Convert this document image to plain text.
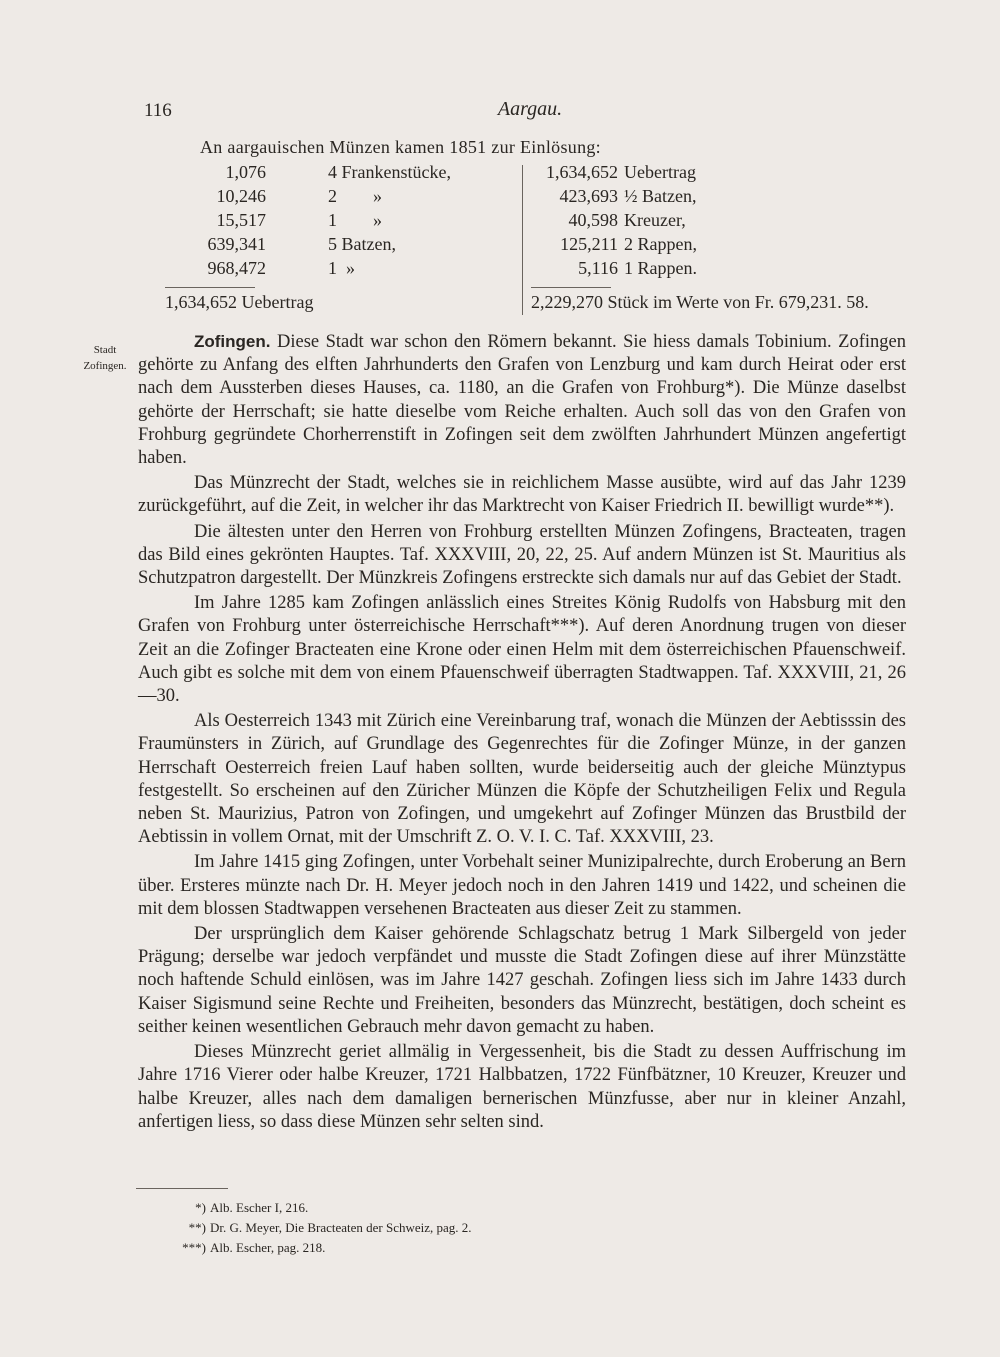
116	Aargau.
An aargauischen Münzen kamen 1851 zur Einlösung:
1,076	4 Frankenstücke,
10,246	2        »
15,517	1        »
639,341	5 Batzen,
968,472	1  »
1,634,652 Uebertrag
1,634,652 Uebertrag
423,693 ½ Batzen,
40,598 Kreuzer,
125,211 2 Rappen,
5,116 1 Rappen.
2,229,270 Stück im Werte von Fr. 679,231. 58.
Stadt
Zofingen.

Zofingen. Diese Stadt war schon den Römern bekannt. Sie hiess damals Tobinium. Zofingen gehörte zu Anfang des elften Jahrhunderts den Grafen von Lenzburg und kam durch Heirat oder erst nach dem Aussterben dieses Hauses, ca. 1180, an die Grafen von Frohburg*). Die Münze daselbst gehörte der Herrschaft; sie hatte dieselbe vom Reiche erhalten. Auch soll das von den Grafen von Frohburg gegründete Chorherrenstift in Zofingen seit dem zwölften Jahrhundert Münzen angefertigt haben.

Das Münzrecht der Stadt, welches sie in reichlichem Masse ausübte, wird auf das Jahr 1239 zurückgeführt, auf die Zeit, in welcher ihr das Marktrecht von Kaiser Friedrich II. bewilligt wurde**).

Die ältesten unter den Herren von Frohburg erstellten Münzen Zofingens, Bracteaten, tragen das Bild eines gekrönten Hauptes. Taf. XXXVIII, 20, 22, 25. Auf andern Münzen ist St. Mauritius als Schutzpatron dargestellt. Der Münzkreis Zofingens erstreckte sich damals nur auf das Gebiet der Stadt.

Im Jahre 1285 kam Zofingen anlässlich eines Streites König Rudolfs von Habsburg mit den Grafen von Frohburg unter österreichische Herrschaft***). Auf deren Anordnung trugen von dieser Zeit an die Zofinger Bracteaten eine Krone oder einen Helm mit dem österreichischen Pfauenschweif. Auch gibt es solche mit dem von einem Pfauenschweif überragten Stadtwappen. Taf. XXXVIII, 21, 26—30.

Als Oesterreich 1343 mit Zürich eine Vereinbarung traf, wonach die Münzen der Aebtisssin des Fraumünsters in Zürich, auf Grundlage des Gegenrechtes für die Zofinger Münze, in der ganzen Herrschaft Oesterreich freien Lauf haben sollten, wurde beiderseitig auch der gleiche Münztypus festgestellt. So erscheinen auf den Züricher Münzen die Köpfe der Schutzheiligen Felix und Regula neben St. Maurizius, Patron von Zofingen, und umgekehrt auf Zofinger Münzen das Brustbild der Aebtissin in vollem Ornat, mit der Umschrift Z. O. V. I. C. Taf. XXXVIII, 23.

Im Jahre 1415 ging Zofingen, unter Vorbehalt seiner Munizipalrechte, durch Eroberung an Bern über. Ersteres münzte nach Dr. H. Meyer jedoch noch in den Jahren 1419 und 1422, und scheinen die mit dem blossen Stadtwappen versehenen Bracteaten aus dieser Zeit zu stammen.

Der ursprünglich dem Kaiser gehörende Schlagschatz betrug 1 Mark Silbergeld von jeder Prägung; derselbe war jedoch verpfändet und musste die Stadt Zofingen diese auf ihrer Münzstätte noch haftende Schuld einlösen, was im Jahre 1427 geschah. Zofingen liess sich im Jahre 1433 durch Kaiser Sigismund seine Rechte und Freiheiten, besonders das Münzrecht, bestätigen, doch scheint es seither keinen wesentlichen Gebrauch mehr davon gemacht zu haben.

Dieses Münzrecht geriet allmälig in Vergessenheit, bis die Stadt zu dessen Auffrischung im Jahre 1716 Vierer oder halbe Kreuzer, 1721 Halbbatzen, 1722 Fünfbätzner, 10 Kreuzer, Kreuzer und halbe Kreuzer, alles nach dem damaligen bernerischen Münzfusse, aber nur in kleiner Anzahl, anfertigen liess, so dass diese Münzen sehr selten sind.

*) Alb. Escher I, 216.
**) Dr. G. Meyer, Die Bracteaten der Schweiz, pag. 2.
***) Alb. Escher, pag. 218.
